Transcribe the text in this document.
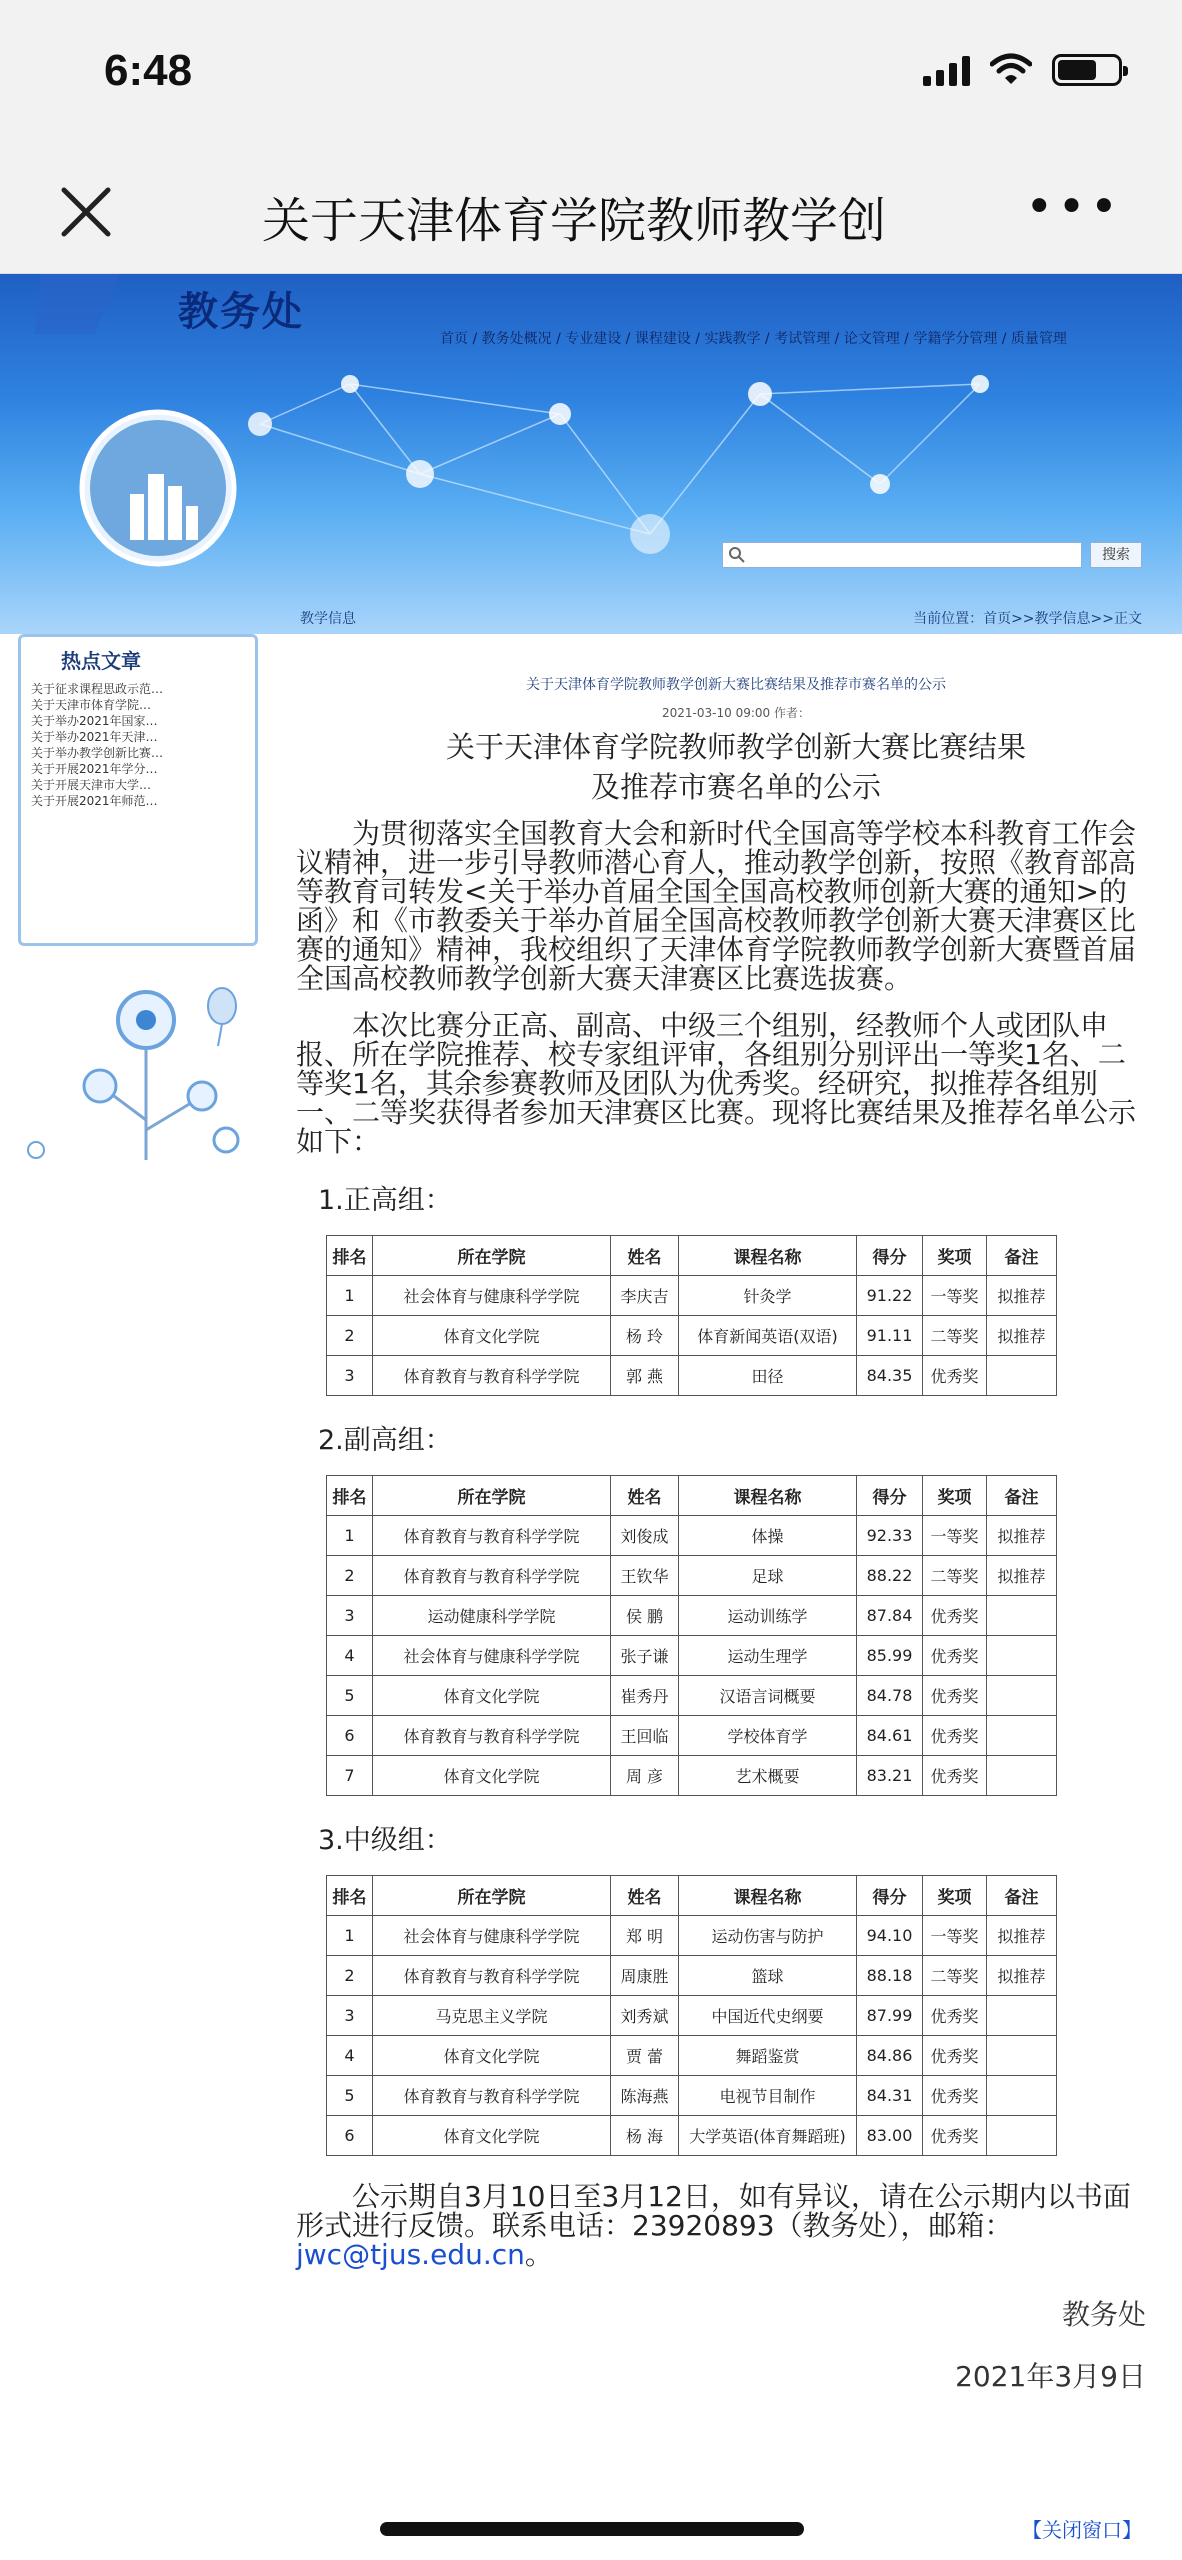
6:48
关于天津体育学院教师教学创	•••
教务处
首页 / 教务处概况 / 专业建设 / 课程建设 / 实践教学 / 考试管理 / 论文管理 / 学籍学分管理 / 质量管理
搜索
教学信息	当前位置：首页>>教学信息>>正文
热点文章
关于征求课程思政示范…
关于天津市体育学院…
关于举办2021年国家…
关于举办2021年天津…
关于举办教学创新比赛…
关于开展2021年学分…
关于开展天津市大学…
关于开展2021年师范…
关于天津体育学院教师教学创新大赛比赛结果及推荐市赛名单的公示
2021-03-10 09:00 作者：
关于天津体育学院教师教学创新大赛比赛结果
及推荐市赛名单的公示

为贯彻落实全国教育大会和新时代全国高等学校本科教育工作会议精神，进一步引导教师潜心育人，推动教学创新，按照《教育部高等教育司转发<关于举办首届全国全国高校教师创新大赛的通知>的函》和《市教委关于举办首届全国高校教师教学创新大赛天津赛区比赛的通知》精神，我校组织了天津体育学院教师教学创新大赛暨首届全国高校教师教学创新大赛天津赛区比赛选拔赛。

本次比赛分正高、副高、中级三个组别，经教师个人或团队申报、所在学院推荐、校专家组评审，各组别分别评出一等奖1名、二等奖1名，其余参赛教师及团队为优秀奖。经研究，拟推荐各组别一、二等奖获得者参加天津赛区比赛。现将比赛结果及推荐名单公示如下：

1.正高组：
排名	所在学院	姓名	课程名称	得分	奖项	备注
1	社会体育与健康科学学院	李庆吉	针灸学	91.22	一等奖	拟推荐
2	体育文化学院	杨 玲	体育新闻英语(双语)	91.11	二等奖	拟推荐
3	体育教育与教育科学学院	郭 燕	田径	84.35	优秀奖	
2.副高组：
排名	所在学院	姓名	课程名称	得分	奖项	备注
1	体育教育与教育科学学院	刘俊成	体操	92.33	一等奖	拟推荐
2	体育教育与教育科学学院	王钦华	足球	88.22	二等奖	拟推荐
3	运动健康科学学院	侯 鹏	运动训练学	87.84	优秀奖	
4	社会体育与健康科学学院	张子谦	运动生理学	85.99	优秀奖	
5	体育文化学院	崔秀丹	汉语言词概要	84.78	优秀奖	
6	体育教育与教育科学学院	王回临	学校体育学	84.61	优秀奖	
7	体育文化学院	周 彦	艺术概要	83.21	优秀奖	
3.中级组：
排名	所在学院	姓名	课程名称	得分	奖项	备注
1	社会体育与健康科学学院	郑 明	运动伤害与防护	94.10	一等奖	拟推荐
2	体育教育与教育科学学院	周康胜	篮球	88.18	二等奖	拟推荐
3	马克思主义学院	刘秀斌	中国近代史纲要	87.99	优秀奖	
4	体育文化学院	贾 蕾	舞蹈鉴赏	84.86	优秀奖	
5	体育教育与教育科学学院	陈海燕	电视节目制作	84.31	优秀奖	
6	体育文化学院	杨 海	大学英语(体育舞蹈班)	83.00	优秀奖	

公示期自3月10日至3月12日，如有异议，请在公示期内以书面形式进行反馈。联系电话：23920893（教务处），邮箱：jwc@tjus.edu.cn。

教务处
2021年3月9日
【关闭窗口】
